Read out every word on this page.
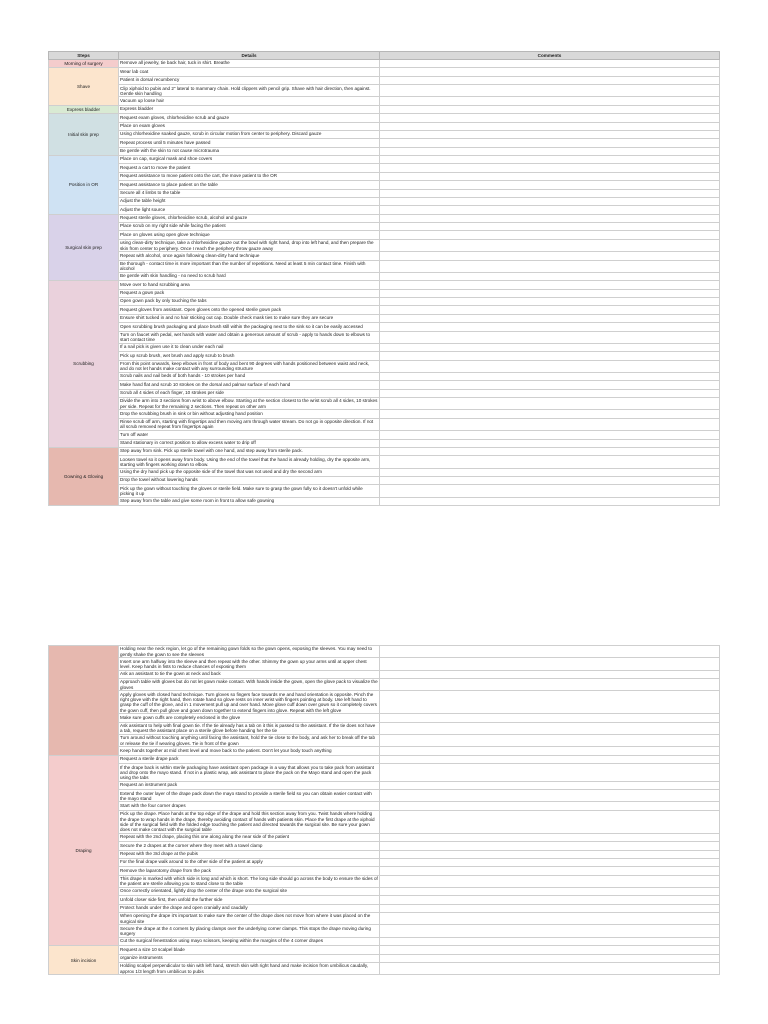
Steps	Details	Comments
Morning of surgery	Remove all jewelry, tie back hair, tuck in shirt. Breathe	
Shave	Wear lab coat	
	Patient in dorsal recumbency	
	Clip xiphoid to pubis and 2" lateral to mammary chain. Hold clippers with pencil grip. Shave with hair direction, then against. Gentle skin handling	
	Vacuum up loose hair	
Express bladder	Express bladder	
Initial skin prep	Request exam gloves, chlorhexidine scrub and gauze	
	Place on exam gloves	
	Using chlorhexidine soaked gauze, scrub in circular motion from center to periphery. Discard gauze	
	Repeat process until 5 minutes have passed	
	Be gentle with the skin to not cause microtrauma	
Position in OR	Place on cap, surgical mask and shoe covers	
	Request a cart to move the patient	
	Request assistance to move patient onto the cart, the move patient to the OR	
	Request assistance to place patient on the table	
	Secure all 4 limbs to the table	
	Adjust the table height	
	Adjust the light source	
Surgical skin prep	Request sterile gloves, chlorhexidine scrub, alcohol and gauze	
	Place scrub on my right side while facing the patient	
	Place on gloves using open glove technique	
	using clean-dirty technique, take a chlorhexidine gauze out the bowl with right hand, drop into left hand, and then prepare the skin from center to periphery. Once I reach the periphery throw gauze away	
	Repeat with alcohol, once again following clean-dirty hand technique	
	Be thorough - contact time is more important than the number of repetitions. Need at least 5 min contact time. Finish with alcohol	
	Be gentle with skin handling - no need to scrub hard	
Scrubbing	Move over to hand scrubbing area	
	Request a gown pack	
	Open gown pack by only touching the tabs	
	Request gloves from assistant. Open gloves onto the opened sterile gown pack	
	Ensure shirt tucked in and no hair sticking out cap. Double check mask ties to make sure they are secure	
	Open scrubbing brush packaging and place brush still within the packaging next to the sink so it can be easily accessed	
	Turn on faucet with pedal, wet hands with water and obtain a generous amount of scrub - apply to hands down to elbows to start contact time	
	If a nail pick is given use it to clean under each nail	
	Pick up scrub brush, wet brush and apply scrub to brush	
	From this point onwards, keep elbows in front of body and bent 90 degrees with hands positioned between waist and neck, and do not let hands make contact with any surrounding structure	
	Scrub nails and nail beds of both hands - 10 strokes per hand	
	Make hand flat and scrub 10 strokes on the dorsal and palmar surface of each hand	
	Scrub all 4 sides of each finger, 10 strokes per side	
	Divide the arm into 3 sections from wrist to above elbow. Starting at the section closest to the wrist scrub all 4 sides, 10 strokes per side. Repeat for the remaining 2 sections. Then repeat on other arm	
	Drop the scrubbing brush in sink or bin without adjusting hand position	
	Rinse scrub off arm, starting with fingertips and then moving arm through water stream. Do not go in opposite direction. If not all scrub removed repeat from fingertips again	
	Turn off water	
	Stand stationary in correct position to allow excess water to drip off	
Gowning & Gloving	Step away from sink. Pick up sterile towel with one hand, and step away from sterile pack.	
	Loosen towel so it opens away from body. Using the end of the towel that the hand is already holding, dry the opposite arm, starting with fingers working down to elbow.	
	Using the dry hand pick up the opposite side of the towel that was not used and dry the second arm	
	Drop the towel without lowering hands	
	Pick up the gown without touching the gloves or sterile field. Make sure to grasp the gown fully so it doesn't unfold while picking it up	
	Step away from the table and give some room in front to allow safe gowning	
	Holding near the neck region, let go of the remaining gown folds so the gown opens, exposing the sleeves. You may need to gently shake the gown to see the sleeves	
	Insert one arm halfway into the sleeve and then repeat with the other. Shimmy the gown up your arms until at upper chest level. Keep hands in fists to reduce chances of exposing them	
	Ask an assistant to tie the gown at neck and back	
	Approach table with gloves but do not let gown make contact. With hands inside the gown, open the glove pack to visualize the gloves	
	Apply gloves with closed hand technique. Turn gloves so fingers face towards me and hand orientation is opposite. Pinch the right glove with the right hand, then rotate hand so glove rests on inner wrist with fingers pointing at body. Use left hand to grasp the cuff of the glove, and in 1 movement pull up and over hand. Move glove cuff down over gown so it completely covers the gown cuff, then pull glove and gown down together to extend fingers into glove. Repeat with the left glove	
	Make sure gown cuffs are completely enclosed in the glove	
	Ask assistant to help with final gown tie. If the tie already has a tab on it this is passed to the assistant. If the tie does not have a tab, request the assistant place on a sterile glove before handing her the tie	
	Turn around without touching anything until facing the assistant, hold the tie close to the body, and ask her to break off the tab or release the tie if wearing gloves. Tie in front of the gown	
	Keep hands together at mid chest level and move back to the patient. Don't let your body touch anything	
Draping	Request a sterile drape pack	
	If the drape back is within sterile packaging have assistant open package in a way that allows you to take pack from assistant and drop onto the mayo stand. If not in a plastic wrap, ask assistant to place the pack on the Mayo stand and open the pack using the tabs	
	Request an instrument pack	
	Extend the outer layer of the drape pack down the mayo stand to provide a sterile field so you can obtain easier contact with the mayo stand	
	Start with the four corner drapes	
	Pick up the drape. Place hands at the top edge of the drape and hold this section away from you. Twist hands where holding the drape to wrap hands in the drape, thereby avoiding contact of hands with patients skin. Place the first drape at the xiphoid side of the surgical field with the folded edge touching the patient and directed towards the surgical site. Be sure your gown does not make contact with the surgical table	
	Repeat with the 2nd drape, placing this one along along the near side of the patient	
	Secure the 2 drapes at the corner where they meet with a towel clamp	
	Repeat with the 3rd drape at the pubis	
	For the final drape walk around to the other side of the patient at apply	
	Remove the laparotomy drape from the pack	
	This drape is marked with which side is long and which is short. The long side should go across the body to ensure the sides of the patient are sterile allowing you to stand close to the table	
	Once correctly orientated, lightly drop the center of the drape onto the surgical site	
	Unfold closer side first, then unfold the further side	
	Protect hands under the drape and open cranially and caudally	
	When opening the drape it's important to make sure the center of the drape does not move from where it was placed on the surgical site	
	Secure the drape at the 4 corners by placing clamps over the underlying corner clamps. This stops the drape moving during surgery	
	Cut the surgical fenestration using mayo scissors, keeping within the margins of the 4 corner drapes	
Skin incision	Request a size 10 scalpel blade	
	organize instruments	
	Holding scalpel perpendicular to skin with left hand, stretch skin with right hand and make incision from umbilicus caudally, approx 1/3 length from umbilicus to pubis	
